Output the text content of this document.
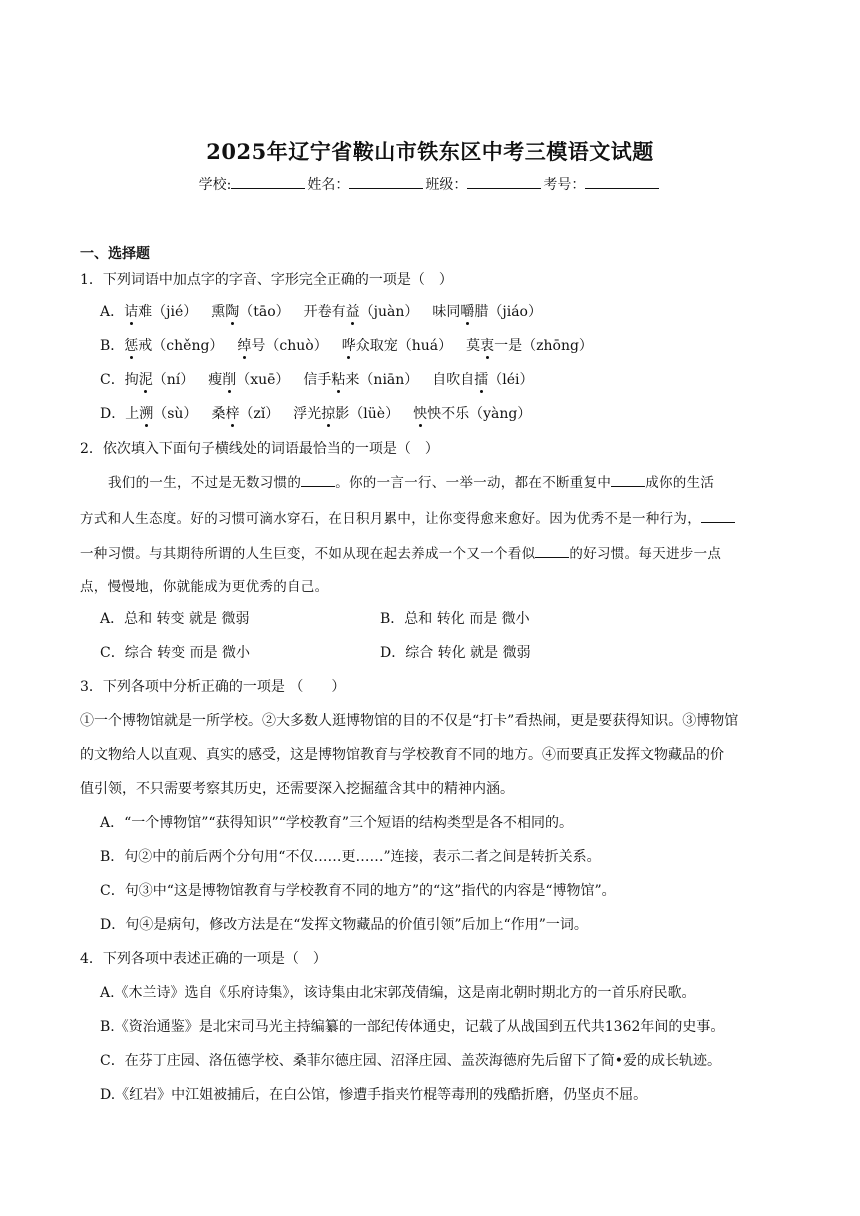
2025年辽宁省鞍山市铁东区中考三模语文试题
学校:	姓名：	班级：	考号：
一、选择题
1．下列词语中加点字的字音、字形完全正确的一项是（　）
A．诘难（jié） 熏陶（tāo） 开卷有益（juàn） 味同嚼腊（jiáo）
B．惩戒（chěng） 绰号（chuò） 哗众取宠（huá） 莫衷一是（zhōng）
C．拘泥（ní） 瘦削（xuē） 信手粘来（niān） 自吹自擂（léi）
D．上溯（sù） 桑梓（zǐ） 浮光掠影（lüè） 怏怏不乐（yàng）
2．依次填入下面句子横线处的词语最恰当的一项是（　）
我们的一生，不过是无数习惯的	。你的一言一行、一举一动，都在不断重复中	成你的生活
方式和人生态度。好的习惯可滴水穿石，在日积月累中，让你变得愈来愈好。因为优秀不是一种行为，
一种习惯。与其期待所谓的人生巨变，不如从现在起去养成一个又一个看似	的好习惯。每天进步一点
点，慢慢地，你就能成为更优秀的自己。
A．总和 转变 就是 微弱	B．总和 转化 而是 微小
C．综合 转变 而是 微小	D．综合 转化 就是 微弱
3．下列各项中分析正确的一项是 （　　）
①一个博物馆就是一所学校。②大多数人逛博物馆的目的不仅是“打卡”看热闹，更是要获得知识。③博物馆
的文物给人以直观、真实的感受，这是博物馆教育与学校教育不同的地方。④而要真正发挥文物藏品的价
值引领，不只需要考察其历史，还需要深入挖掘蕴含其中的精神内涵。
A．“一个博物馆”“获得知识”“学校教育”三个短语的结构类型是各不相同的。
B．句②中的前后两个分句用“不仅……更……”连接，表示二者之间是转折关系。
C．句③中“这是博物馆教育与学校教育不同的地方”的“这”指代的内容是“博物馆”。
D．句④是病句，修改方法是在“发挥文物藏品的价值引领”后加上“作用”一词。
4．下列各项中表述正确的一项是（　）
A.《木兰诗》选自《乐府诗集》，该诗集由北宋郭茂倩编，这是南北朝时期北方的一首乐府民歌。
B.《资治通鉴》是北宋司马光主持编纂的一部纪传体通史，记载了从战国到五代共1362年间的史事。
C．在芬丁庄园、洛伍德学校、桑菲尔德庄园、沼泽庄园、盖茨海德府先后留下了简•爱的成长轨迹。
D.《红岩》中江姐被捕后，在白公馆，惨遭手指夹竹棍等毒刑的残酷折磨，仍坚贞不屈。
